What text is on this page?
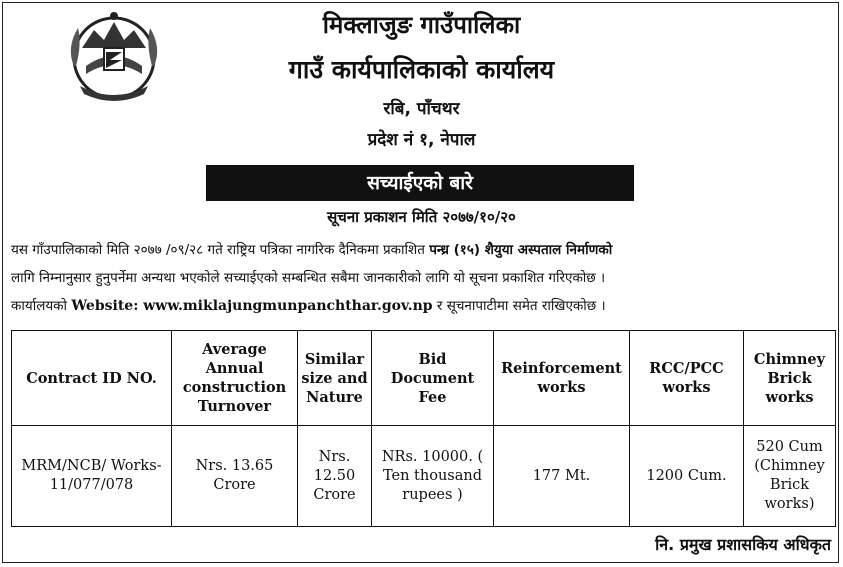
मिक्लाजुङ गाउँपालिका
गाउँ कार्यपालिकाको कार्यालय
रबि, पाँचथर
प्रदेश नं १, नेपाल
सच्याईएको बारे
सूचना प्रकाशन मिति २०७७/१०/२०
यस गाँउपालिकाको मिति २०७७ /०९/२८ गते राष्ट्रिय पत्रिका नागरिक दैनिकमा प्रकाशित पन्ध्र (१५) शैयुया अस्पताल निर्माणको
लागि निम्नानुसार हुनुपर्नेमा अन्यथा भएकोले सच्याईएको सम्बन्धित सबैमा जानकारीको लागि यो सूचना प्रकाशित गरिएकोछ ।
कार्यालयको Website: www.miklajungmunpanchthar.gov.np र सूचनापाटीमा समेत राखिएकोछ ।
Contract ID NO.	Average Annual construction Turnover	Similar size and Nature	Bid Document Fee	Reinforcement works	RCC/PCC works	Chimney Brick works
MRM/NCB/ Works-11/077/078	Nrs. 13.65 Crore	Nrs. 12.50 Crore	NRs. 10000. ( Ten thousand rupees )	177 Mt.	1200 Cum.	520 Cum (Chimney Brick works)
नि. प्रमुख प्रशासकिय अधिकृत
